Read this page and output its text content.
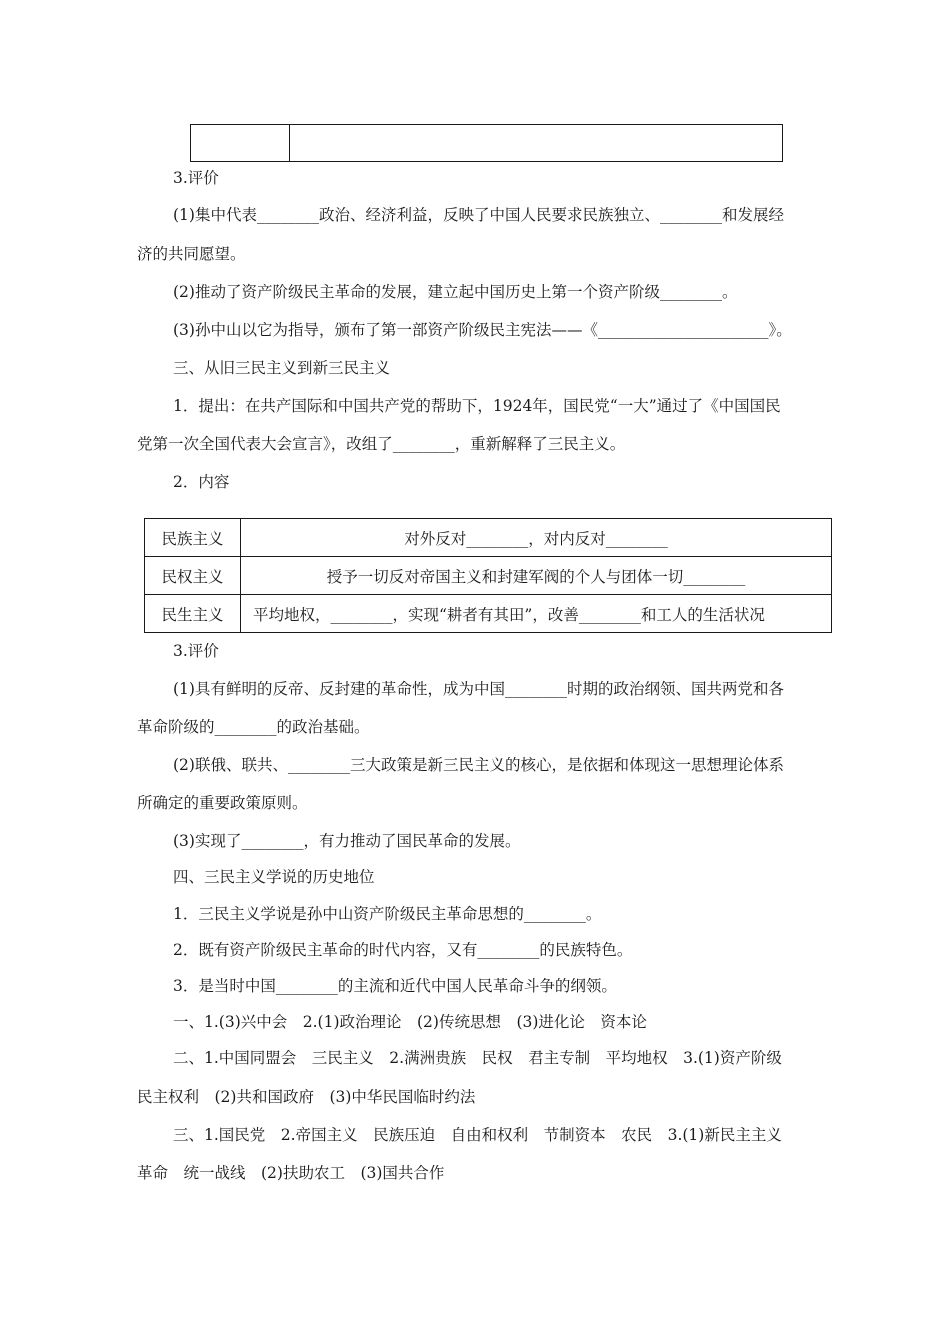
3.评价
(1)集中代表________政治、经济利益，反映了中国人民要求民族独立、________和发展经
济的共同愿望。
(2)推动了资产阶级民主革命的发展，建立起中国历史上第一个资产阶级________。
(3)孙中山以它为指导，颁布了第一部资产阶级民主宪法——《______________________》。
三、从旧三民主义到新三民主义
1．提出：在共产国际和中国共产党的帮助下，1924年，国民党“一大”通过了《中国国民
党第一次全国代表大会宣言》，改组了________，重新解释了三民主义。
2．内容
民族主义	对外反对________，对内反对________
民权主义	授予一切反对帝国主义和封建军阀的个人与团体一切________
民生主义	平均地权，________，实现“耕者有其田”，改善________和工人的生活状况
3.评价
(1)具有鲜明的反帝、反封建的革命性，成为中国________时期的政治纲领、国共两党和各
革命阶级的________的政治基础。
(2)联俄、联共、________三大政策是新三民主义的核心，是依据和体现这一思想理论体系
所确定的重要政策原则。
(3)实现了________，有力推动了国民革命的发展。
四、三民主义学说的历史地位
1．三民主义学说是孙中山资产阶级民主革命思想的________。
2．既有资产阶级民主革命的时代内容，又有________的民族特色。
3．是当时中国________的主流和近代中国人民革命斗争的纲领。
一、1.(3)兴中会　2.(1)政治理论　(2)传统思想　(3)进化论　资本论
二、1.中国同盟会　三民主义　2.满洲贵族　民权　君主专制　平均地权　3.(1)资产阶级
民主权利　(2)共和国政府　(3)中华民国临时约法
三、1.国民党　2.帝国主义　民族压迫　自由和权利　节制资本　农民　3.(1)新民主主义
革命　统一战线　(2)扶助农工　(3)国共合作
